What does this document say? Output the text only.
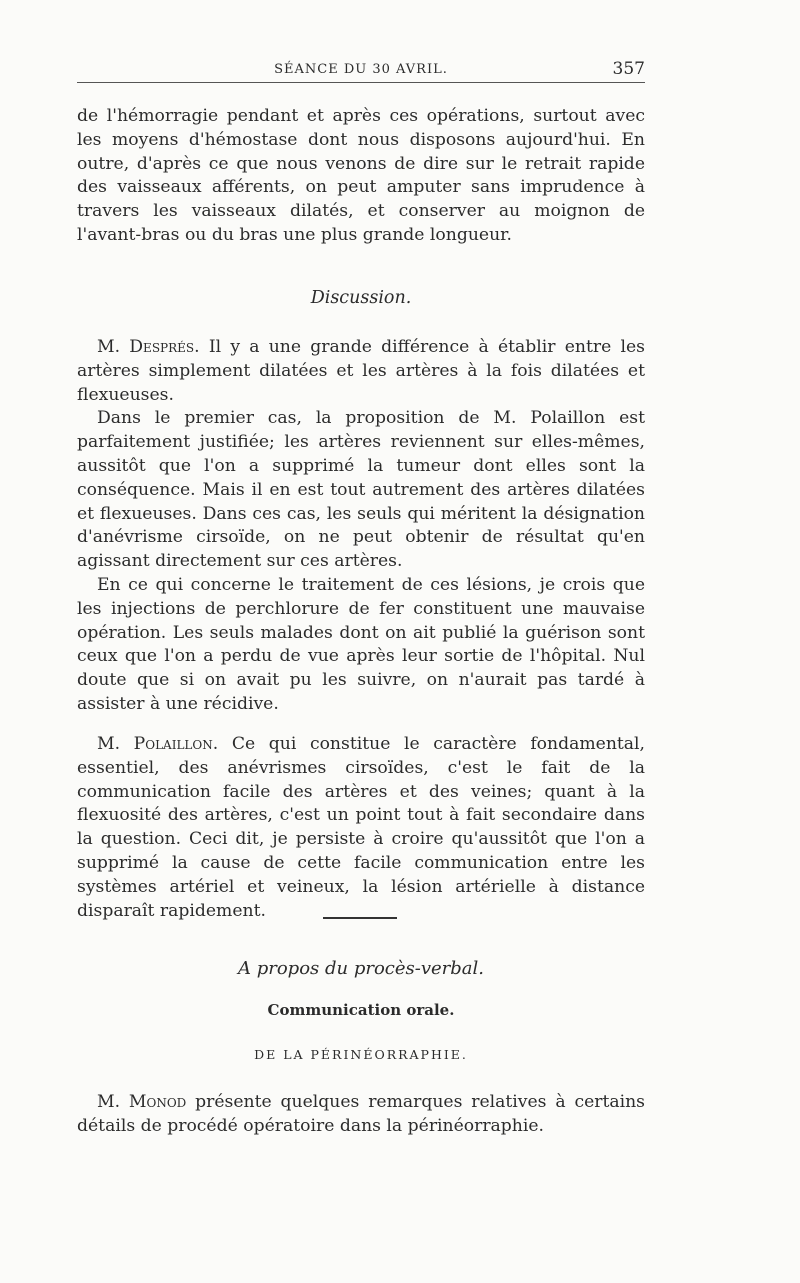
SÉANCE DU 30 AVRIL.	357

de l'hémorragie pendant et après ces opérations, surtout avec les moyens d'hémostase dont nous disposons aujourd'hui. En outre, d'après ce que nous venons de dire sur le retrait rapide des vaisseaux afférents, on peut amputer sans imprudence à travers les vaisseaux dilatés, et conserver au moignon de l'avant-bras ou du bras une plus grande longueur.

Discussion.

M. Després. Il y a une grande différence à établir entre les artères simplement dilatées et les artères à la fois dilatées et flexueuses.

Dans le premier cas, la proposition de M. Polaillon est parfaitement justifiée; les artères reviennent sur elles-mêmes, aussitôt que l'on a supprimé la tumeur dont elles sont la conséquence. Mais il en est tout autrement des artères dilatées et flexueuses. Dans ces cas, les seuls qui méritent la désignation d'anévrisme cirsoïde, on ne peut obtenir de résultat qu'en agissant directement sur ces artères.

En ce qui concerne le traitement de ces lésions, je crois que les injections de perchlorure de fer constituent une mauvaise opération. Les seuls malades dont on ait publié la guérison sont ceux que l'on a perdu de vue après leur sortie de l'hôpital. Nul doute que si on avait pu les suivre, on n'aurait pas tardé à assister à une récidive.

M. Polaillon. Ce qui constitue le caractère fondamental, essentiel, des anévrismes cirsoïdes, c'est le fait de la communication facile des artères et des veines; quant à la flexuosité des artères, c'est un point tout à fait secondaire dans la question. Ceci dit, je persiste à croire qu'aussitôt que l'on a supprimé la cause de cette facile communication entre les systèmes artériel et veineux, la lésion artérielle à distance disparaît rapidement.

A propos du procès-verbal.
Communication orale.
DE LA PÉRINÉORRAPHIE.

M. Monod présente quelques remarques relatives à certains détails de procédé opératoire dans la périnéorraphie.
